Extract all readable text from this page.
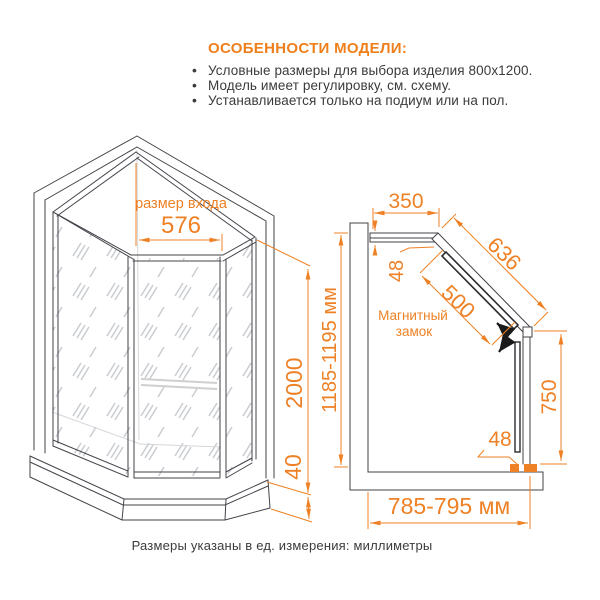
ОСОБЕННОСТИ МОДЕЛИ:

• Условные размеры для выбора изделия 800x1200.
• Модель имеет регулировку, см. схему.
• Устанавливается только на подиум или на пол.
размер входа
576
2000
40
350
48	636
500
Магнитный
замок
750
48
785-795 мм
1185-1195 мм
Размеры указаны в ед. измерения: миллиметры
